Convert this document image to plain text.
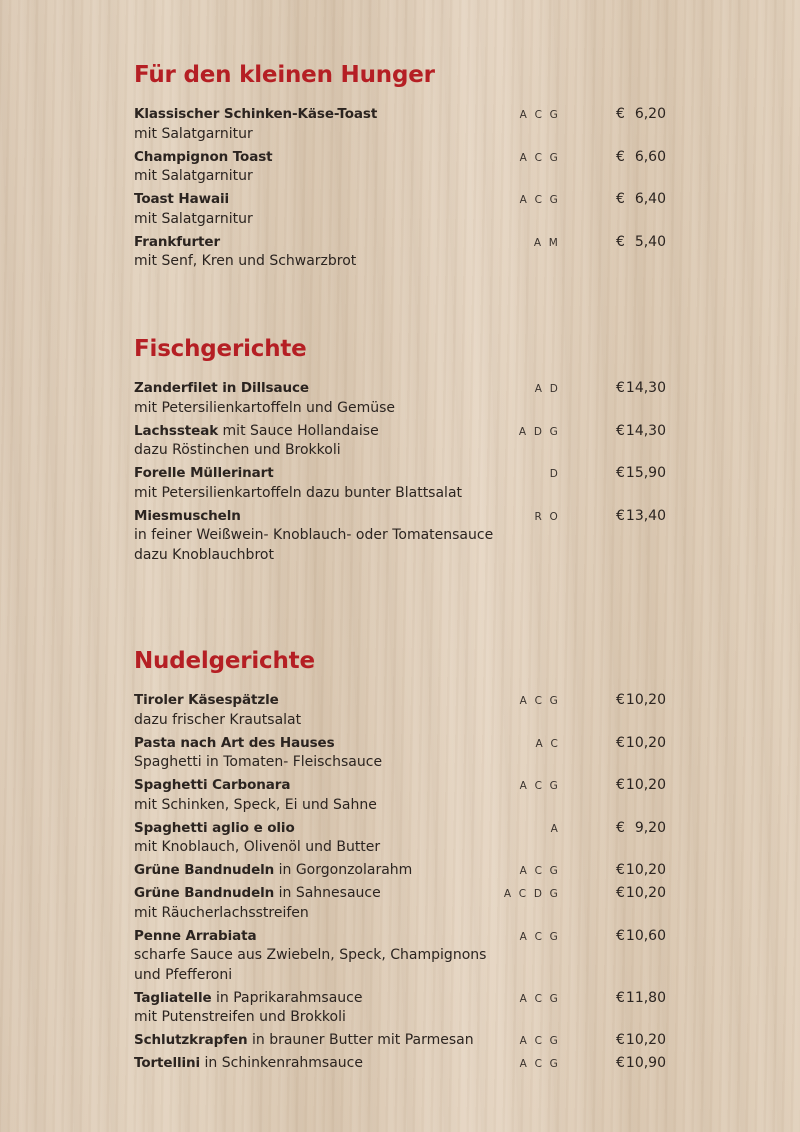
Für den kleinen Hunger
Klassischer Schinken-Käse-Toast
mit Salatgarnitur
A C G	€ 6,20
Champignon Toast
mit Salatgarnitur
A C G	€ 6,60
Toast Hawaii
mit Salatgarnitur
A C G	€ 6,40
Frankfurter
mit Senf, Kren und Schwarzbrot
A M	€ 5,40
Fischgerichte
Zanderfilet in Dillsauce
mit Petersilienkartoffeln und Gemüse
A D	€ 14,30
Lachssteak mit Sauce Hollandaise
dazu Röstinchen und Brokkoli
A D G	€ 14,30
Forelle Müllerinart
mit Petersilienkartoffeln dazu bunter Blattsalat
D	€ 15,90
Miesmuscheln
in feiner Weißwein- Knoblauch- oder Tomatensauce
dazu Knoblauchbrot
R O	€ 13,40
Nudelgerichte
Tiroler Käsespätzle
dazu frischer Krautsalat
A C G	€ 10,20
Pasta nach Art des Hauses
Spaghetti in Tomaten- Fleischsauce
A C	€ 10,20
Spaghetti Carbonara
mit Schinken, Speck, Ei und Sahne
A C G	€ 10,20
Spaghetti aglio e olio
mit Knoblauch, Olivenöl und Butter
A	€ 9,20
Grüne Bandnudeln in Gorgonzolarahm	A C G	€ 10,20
Grüne Bandnudeln in Sahnesauce
mit Räucherlachsstreifen
A C D G	€ 10,20
Penne Arrabiata
scharfe Sauce aus Zwiebeln, Speck, Champignons
und Pfefferoni
A C G	€ 10,60
Tagliatelle in Paprikarahmsauce
mit Putenstreifen und Brokkoli
A C G	€ 11,80
Schlutzkrapfen in brauner Butter mit Parmesan	A C G	€ 10,20
Tortellini in Schinkenrahmsauce	A C G	€ 10,90
